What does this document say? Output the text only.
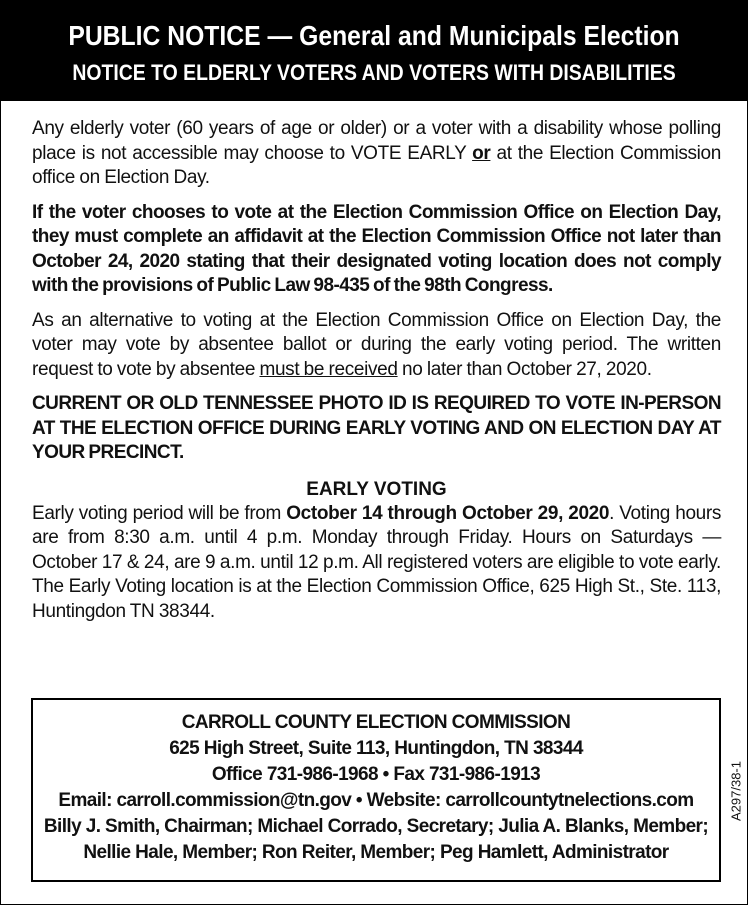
PUBLIC NOTICE — General and Municipals Election
NOTICE TO ELDERLY VOTERS AND VOTERS WITH DISABILITIES

Any elderly voter (60 years of age or older) or a voter with a disability whose polling place is not accessible may choose to VOTE EARLY or at the Election Commission office on Election Day.

If the voter chooses to vote at the Election Commission Office on Election Day, they must complete an affidavit at the Election Commission Office not later than October 24, 2020 stating that their designated voting location does not comply with the provisions of Public Law 98-435 of the 98th Congress.

As an alternative to voting at the Election Commission Office on Election Day, the voter may vote by absentee ballot or during the early voting period. The written request to vote by absentee must be received no later than October 27, 2020.

CURRENT OR OLD TENNESSEE PHOTO ID IS REQUIRED TO VOTE IN-PERSON AT THE ELECTION OFFICE DURING EARLY VOTING AND ON ELECTION DAY AT YOUR PRECINCT.

EARLY VOTING

Early voting period will be from October 14 through October 29, 2020. Voting hours are from 8:30 a.m. until 4 p.m. Monday through Friday. Hours on Saturdays — October 17 & 24, are 9 a.m. until 12 p.m. All registered voters are eligible to vote early. The Early Voting location is at the Election Commission Office, 625 High St., Ste. 113, Huntingdon TN 38344.

CARROLL COUNTY ELECTION COMMISSION
625 High Street, Suite 113, Huntingdon, TN 38344
Office 731-986-1968 • Fax 731-986-1913
Email: carroll.commission@tn.gov • Website: carrollcountytnelections.com
Billy J. Smith, Chairman; Michael Corrado, Secretary; Julia A. Blanks, Member;
Nellie Hale, Member; Ron Reiter, Member; Peg Hamlett, Administrator
A297/38-1
